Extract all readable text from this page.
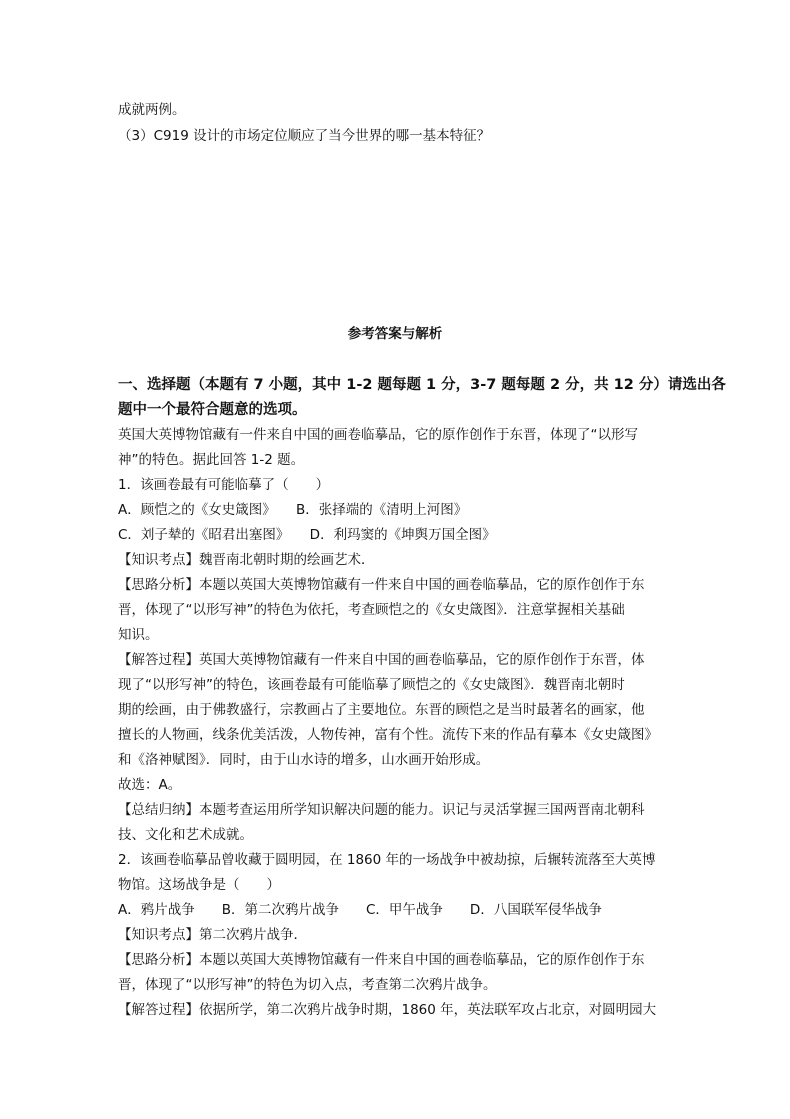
成就两例。
（3）C919 设计的市场定位顺应了当今世界的哪一基本特征？
参考答案与解析
一、选择题（本题有 7 小题，其中 1-2 题每题 1 分，3-7 题每题 2 分，共 12 分）请选出各
题中一个最符合题意的选项。
英国大英博物馆藏有一件来自中国的画卷临摹品，它的原作创作于东晋，体现了“以形写
神”的特色。据此回答 1-2 题。
1．该画卷最有可能临摹了（　　）
A．顾恺之的《女史箴图》　　B．张择端的《清明上河图》
C．刘子辇的《昭君出塞图》　　D．利玛窦的《坤舆万国全图》
【知识考点】魏晋南北朝时期的绘画艺术．
【思路分析】本题以英国大英博物馆藏有一件来自中国的画卷临摹品，它的原作创作于东
晋，体现了“以形写神”的特色为依托，考查顾恺之的《女史箴图》．注意掌握相关基础
知识。
【解答过程】英国大英博物馆藏有一件来自中国的画卷临摹品，它的原作创作于东晋，体
现了“以形写神”的特色，该画卷最有可能临摹了顾恺之的《女史箴图》．魏晋南北朝时
期的绘画，由于佛教盛行，宗教画占了主要地位。东晋的顾恺之是当时最著名的画家，他
擅长的人物画，线条优美活泼，人物传神，富有个性。流传下来的作品有摹本《女史箴图》
和《洛神赋图》．同时，由于山水诗的增多，山水画开始形成。
故选：A。
【总结归纳】本题考查运用所学知识解决问题的能力。识记与灵活掌握三国两晋南北朝科
技、文化和艺术成就。
2．该画卷临摹品曾收藏于圆明园，在 1860 年的一场战争中被劫掠，后辗转流落至大英博
物馆。这场战争是（　　）
A．鸦片战争　　B．第二次鸦片战争　　C．甲午战争　　D．八国联军侵华战争
【知识考点】第二次鸦片战争．
【思路分析】本题以英国大英博物馆藏有一件来自中国的画卷临摹品，它的原作创作于东
晋，体现了“以形写神”的特色为切入点，考查第二次鸦片战争。
【解答过程】依据所学，第二次鸦片战争时期，1860 年，英法联军攻占北京，对圆明园大
